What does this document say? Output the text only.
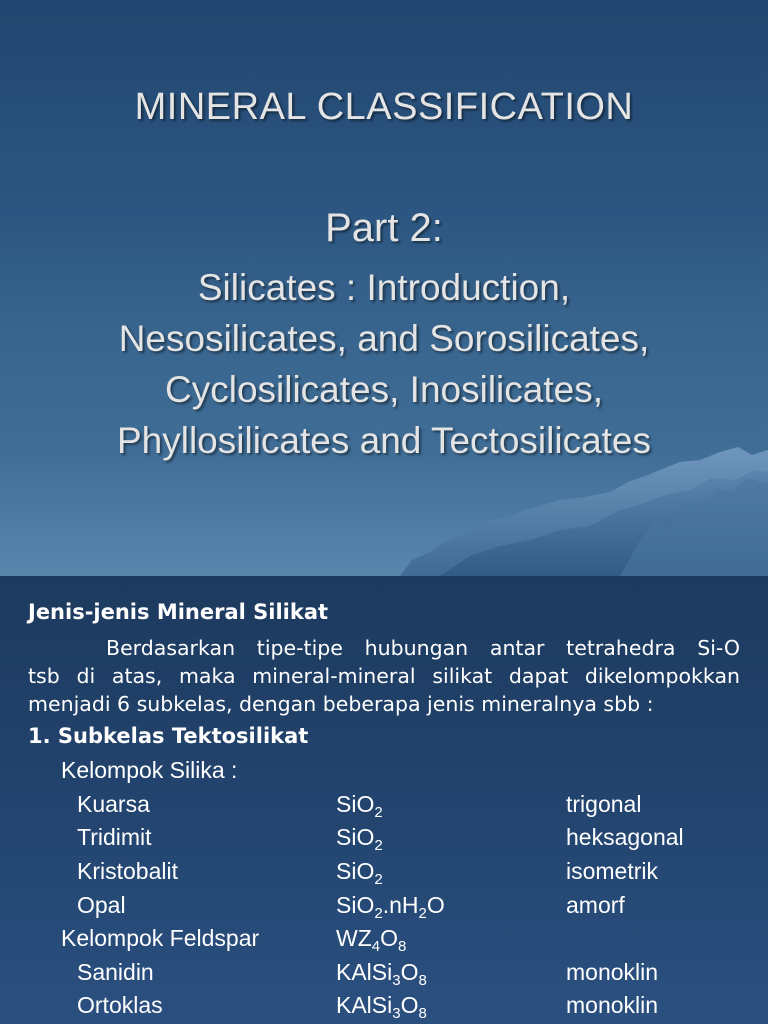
MINERAL CLASSIFICATION
Part 2:
Silicates : Introduction,
Nesosilicates, and Sorosilicates,
Cyclosilicates, Inosilicates,
Phyllosilicates and Tectosilicates
Jenis-jenis Mineral Silikat
Berdasarkan tipe-tipe hubungan antar tetrahedra Si-O
tsb di atas, maka mineral-mineral silikat dapat dikelompokkan
menjadi 6 subkelas, dengan beberapa jenis mineralnya sbb :
1. Subkelas Tektosilikat
Kelompok Silika :
Kuarsa	SiO$_2$	trigonal
Tridimit	SiO$_2$	heksagonal
Kristobalit	SiO$_2$	isometrik
Opal	$SiO_2.nH_2O$	amorf
Kelompok Feldspar	$WZ_4O_8$
Sanidin	$KAlSi_3O_8$	monoklin
Ortoklas	$KAlSi_3O_8$	monoklin
